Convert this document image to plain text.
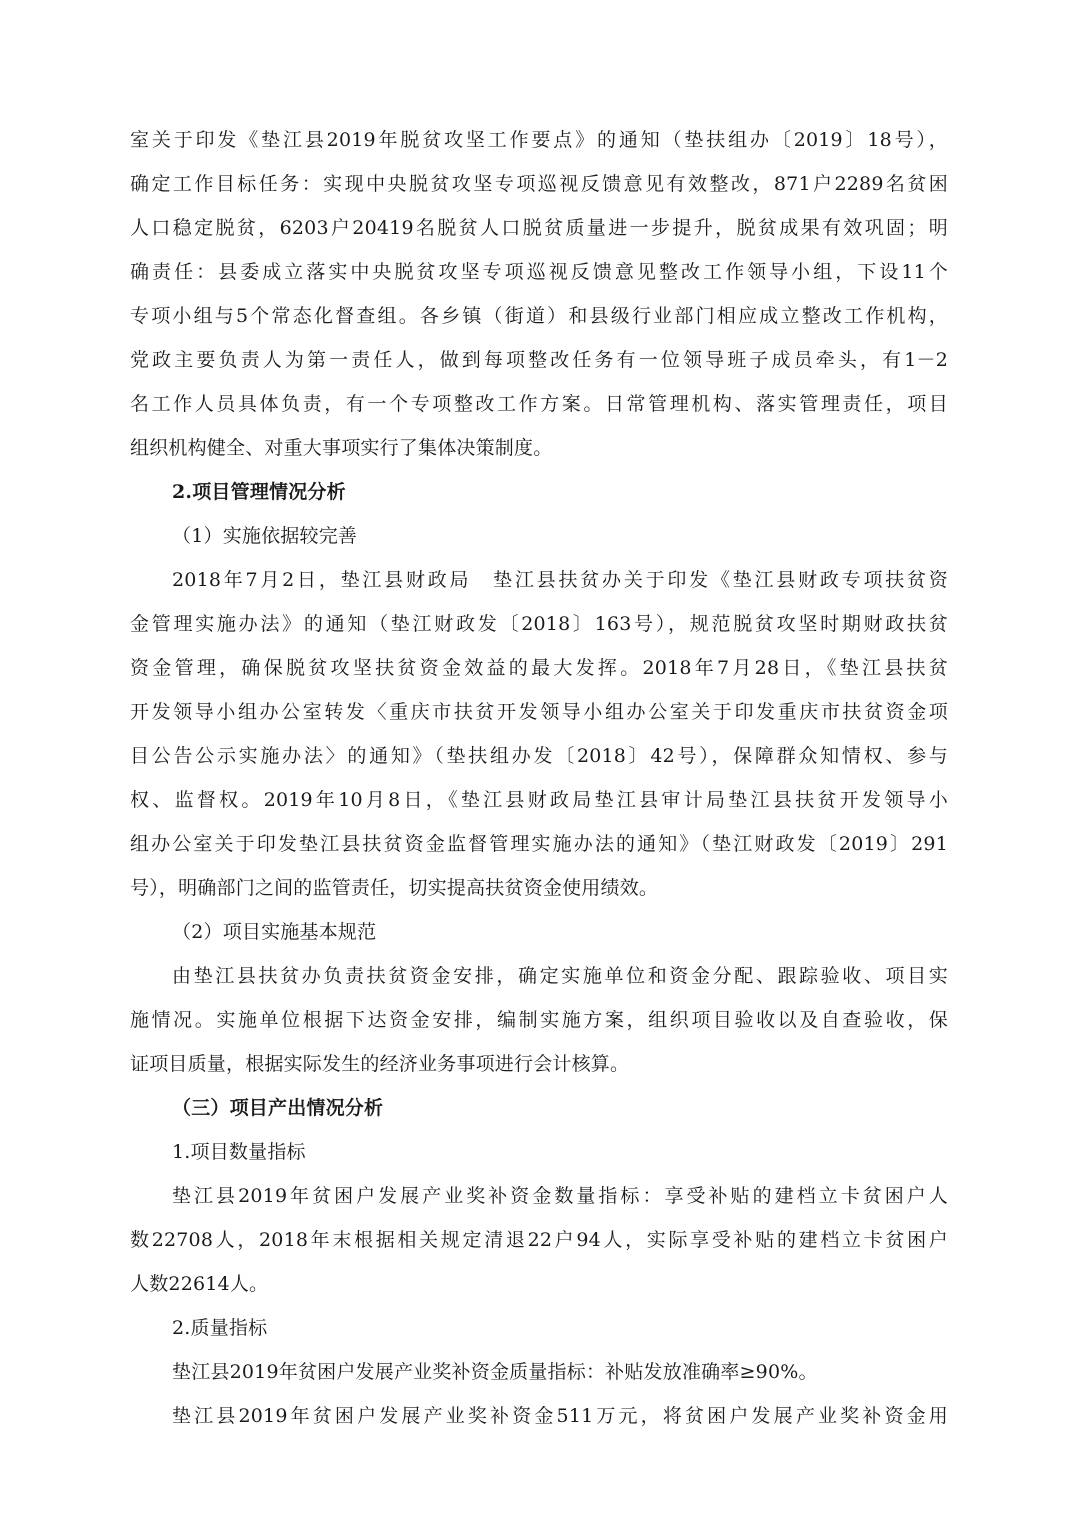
室关于印发《垫江县2019年脱贫攻坚工作要点》的通知（垫扶组办〔2019〕18号），
确定工作目标任务：实现中央脱贫攻坚专项巡视反馈意见有效整改，871户2289名贫困
人口稳定脱贫，6203户20419名脱贫人口脱贫质量进一步提升，脱贫成果有效巩固；明
确责任：县委成立落实中央脱贫攻坚专项巡视反馈意见整改工作领导小组，下设11个
专项小组与5个常态化督查组。各乡镇（街道）和县级行业部门相应成立整改工作机构，
党政主要负责人为第一责任人，做到每项整改任务有一位领导班子成员牵头，有1－2
名工作人员具体负责，有一个专项整改工作方案。日常管理机构、落实管理责任，项目
组织机构健全、对重大事项实行了集体决策制度。
2.项目管理情况分析
（1）实施依据较完善
2018年7月2日，垫江县财政局　垫江县扶贫办关于印发《垫江县财政专项扶贫资
金管理实施办法》的通知（垫江财政发〔2018〕163号），规范脱贫攻坚时期财政扶贫
资金管理，确保脱贫攻坚扶贫资金效益的最大发挥。2018年7月28日，《垫江县扶贫
开发领导小组办公室转发〈重庆市扶贫开发领导小组办公室关于印发重庆市扶贫资金项
目公告公示实施办法〉的通知》（垫扶组办发〔2018〕42号），保障群众知情权、参与
权、监督权。2019年10月8日，《垫江县财政局垫江县审计局垫江县扶贫开发领导小
组办公室关于印发垫江县扶贫资金监督管理实施办法的通知》（垫江财政发〔2019〕291
号），明确部门之间的监管责任，切实提高扶贫资金使用绩效。
（2）项目实施基本规范
由垫江县扶贫办负责扶贫资金安排，确定实施单位和资金分配、跟踪验收、项目实
施情况。实施单位根据下达资金安排，编制实施方案，组织项目验收以及自查验收，保
证项目质量，根据实际发生的经济业务事项进行会计核算。
（三）项目产出情况分析
1.项目数量指标
垫江县2019年贫困户发展产业奖补资金数量指标：享受补贴的建档立卡贫困户人
数22708人，2018年末根据相关规定清退22户94人，实际享受补贴的建档立卡贫困户
人数22614人。
2.质量指标
垫江县2019年贫困户发展产业奖补资金质量指标：补贴发放准确率≥90%。
垫江县2019年贫困户发展产业奖补资金511万元，将贫困户发展产业奖补资金用
